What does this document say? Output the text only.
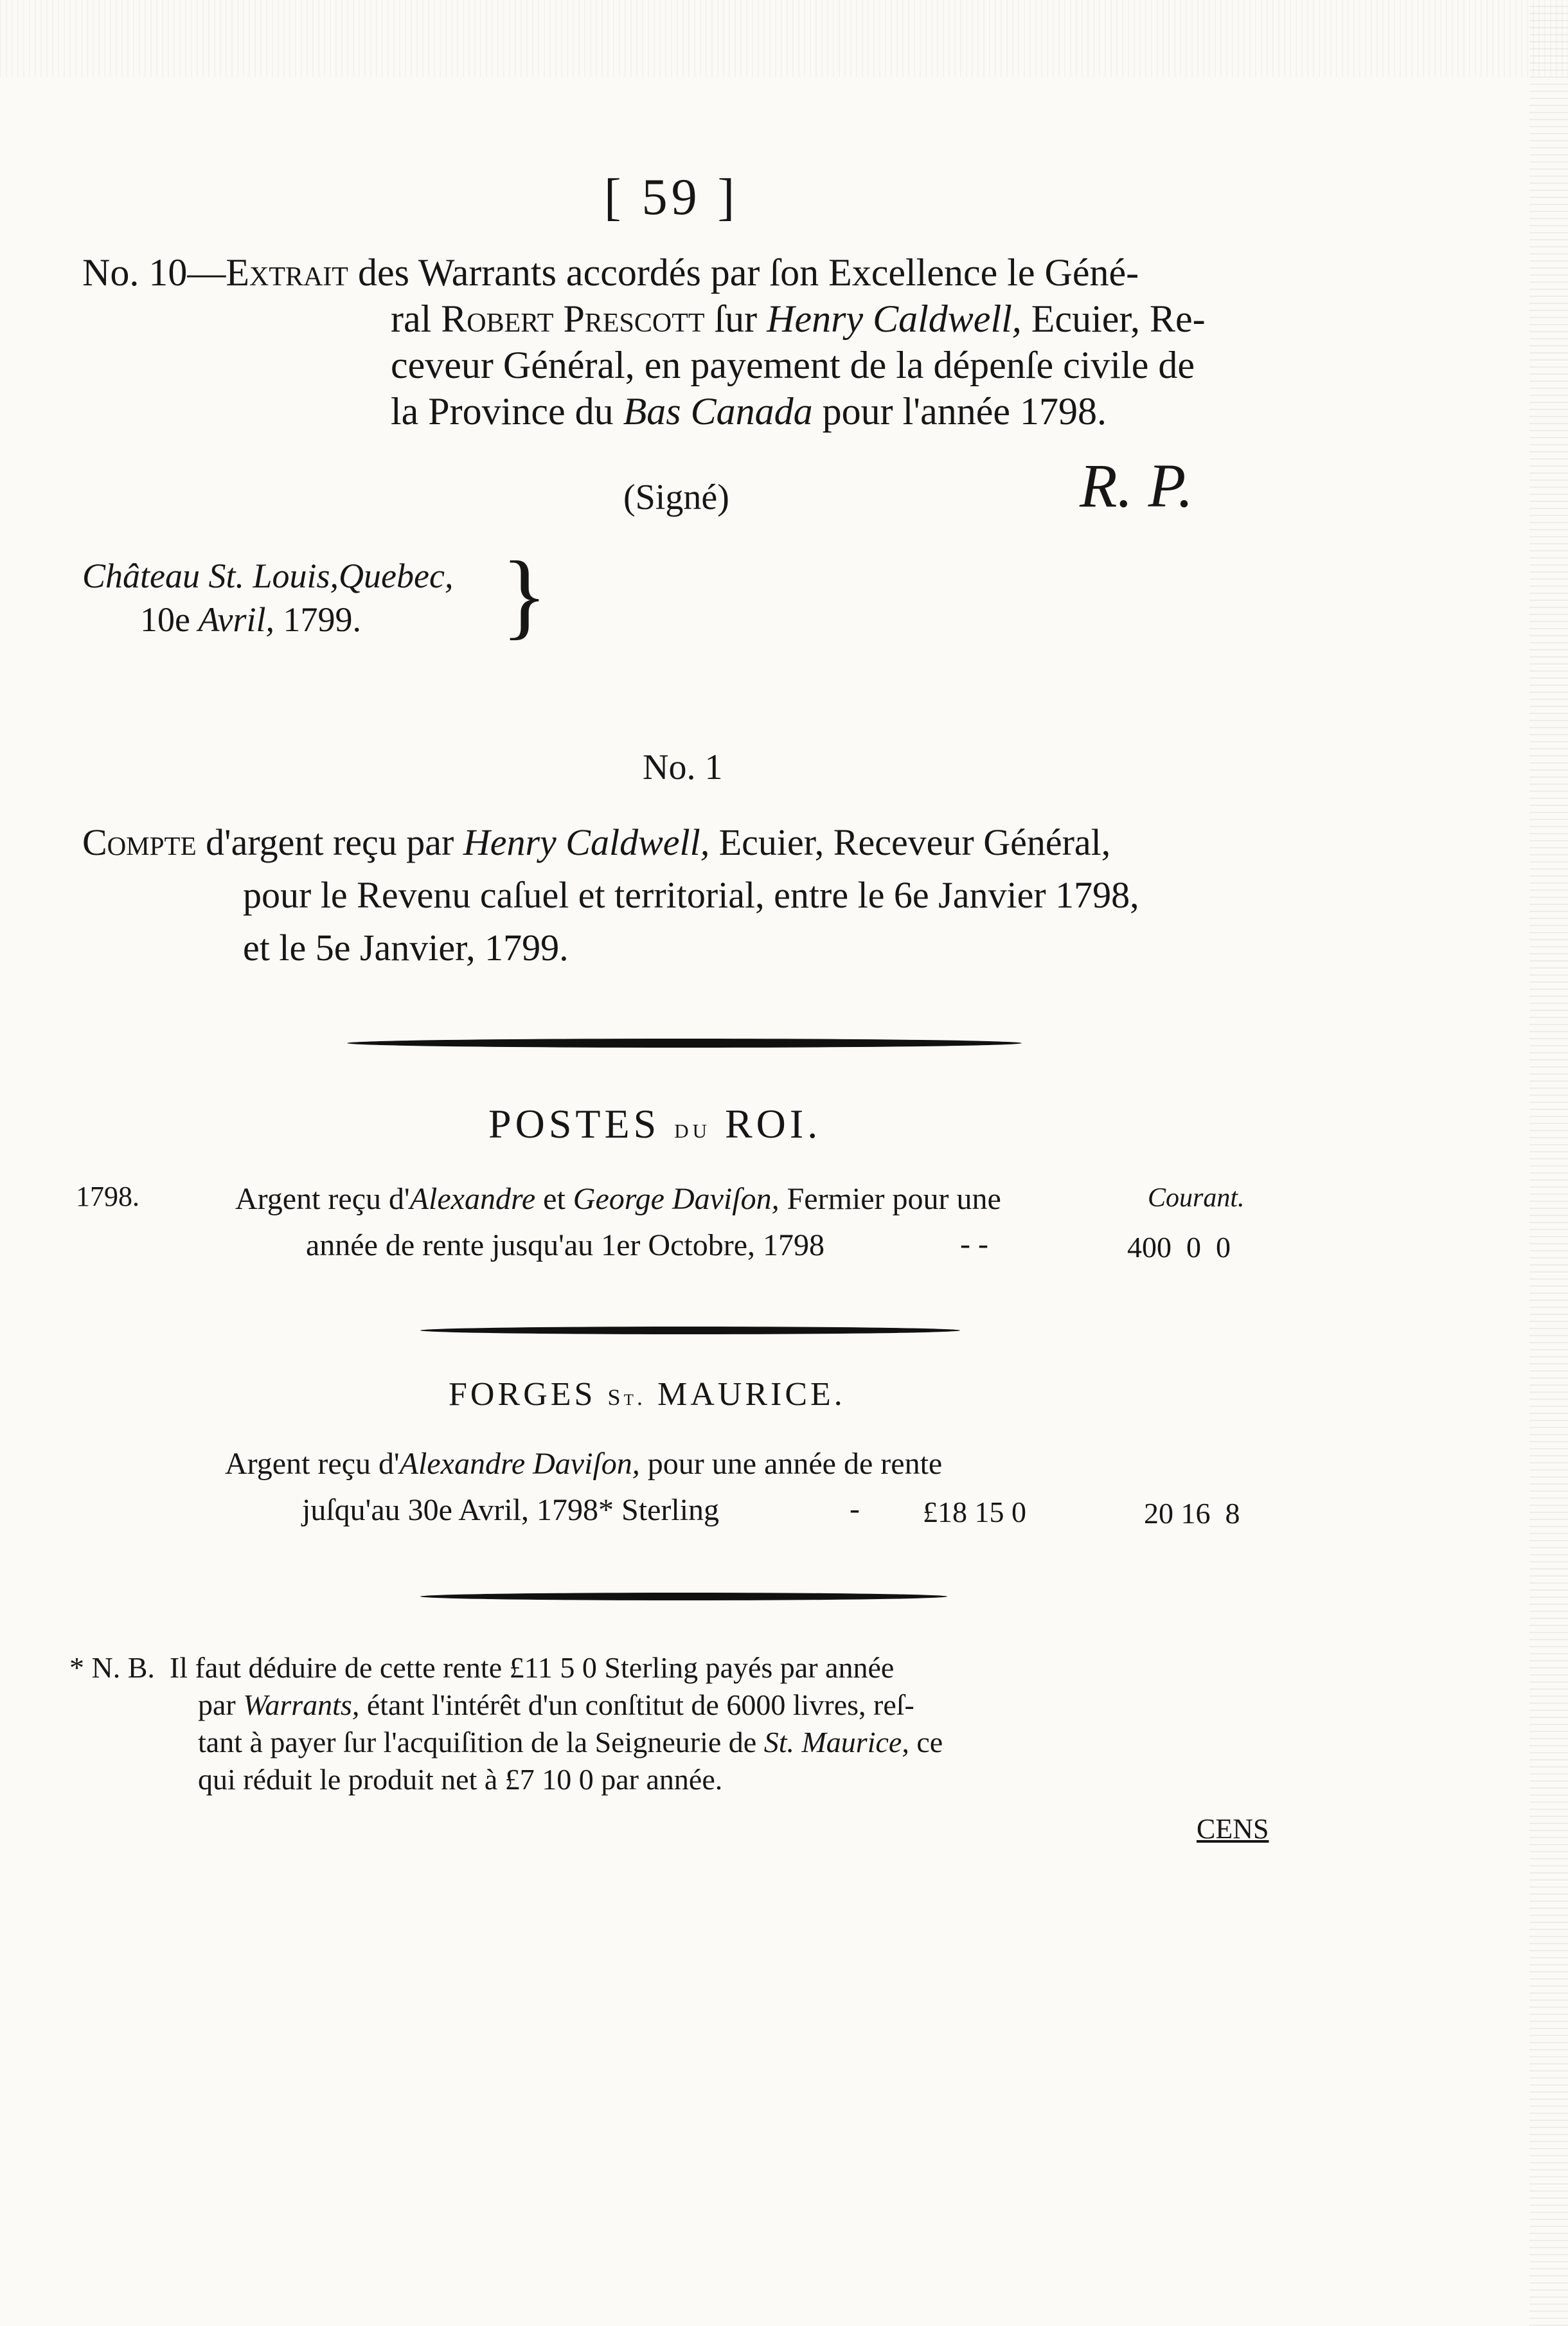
[ 59 ]
No. 10—Extrait des Warrants accordés par ſon Excellence le Géné-
ral Robert Prescott ſur Henry Caldwell, Ecuier, Re-
ceveur Général, en payement de la dépenſe civile de
la Province du Bas Canada pour l'année 1798.
(Signé)	R. P.
Château St. Louis,Quebec,
10e Avril, 1799.	}
No. 1
Compte d'argent reçu par Henry Caldwell, Ecuier, Receveur Général,
pour le Revenu caſuel et territorial, entre le 6e Janvier 1798,
et le 5e Janvier, 1799.
POSTES du ROI.
1798.	Courant.
Argent reçu d'Alexandre et George Daviſon, Fermier pour une
année de rente jusqu'au 1er Octobre, 1798	- -	400  0  0
FORGES St. MAURICE.
Argent reçu d'Alexandre Daviſon, pour une année de rente
juſqu'au 30e Avril, 1798* Sterling	- £18 15 0	20 16  8
* N. B. Il faut déduire de cette rente £11 5 0 Sterling payés par année
par Warrants, étant l'intérêt d'un conſtitut de 6000 livres, reſ-
tant à payer ſur l'acquiſition de la Seigneurie de St. Maurice, ce
qui réduit le produit net à £7 10 0 par année.
CENS
